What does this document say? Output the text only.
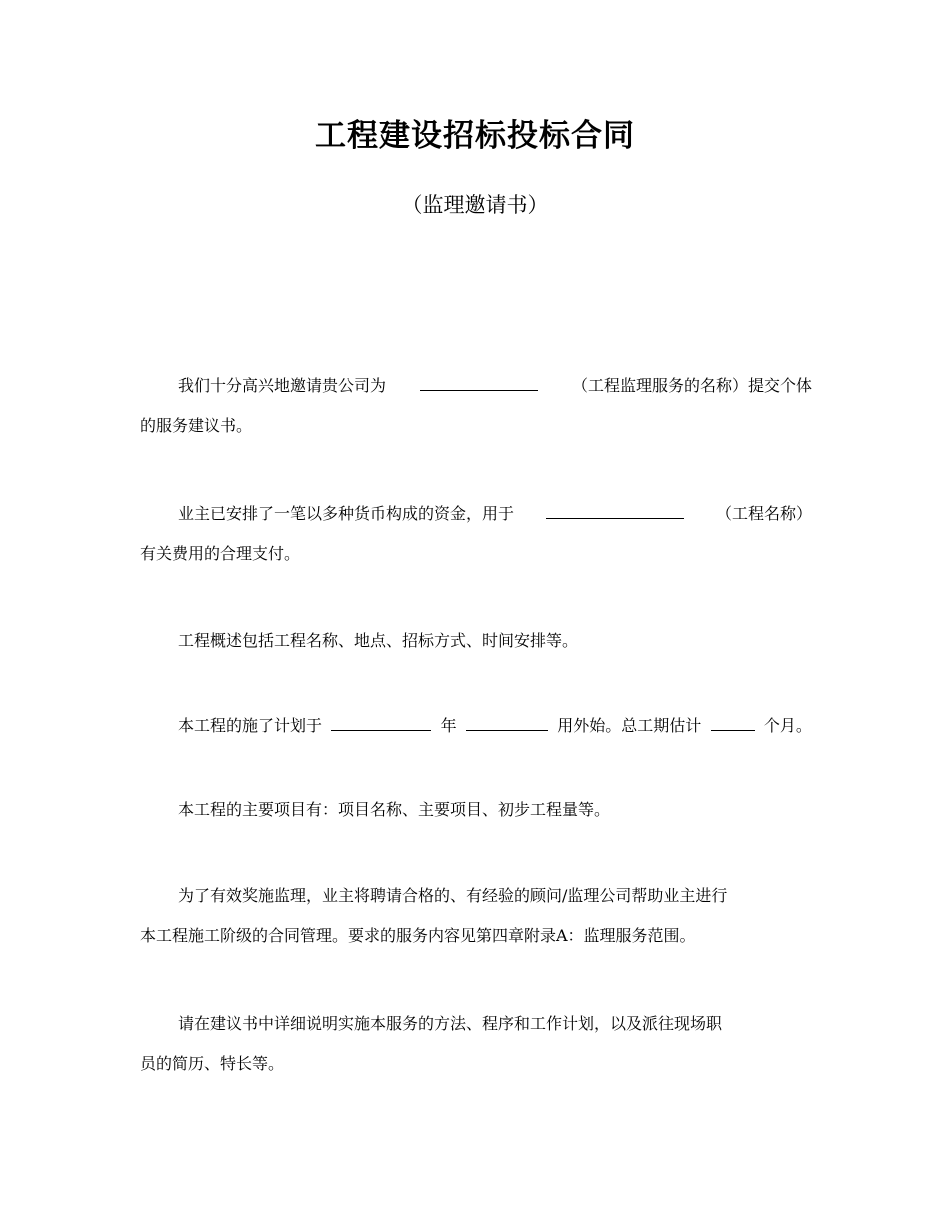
工程建设招标投标合同
（监理邀请书）
我们十分高兴地邀请贵公司为	（工程监理服务的名称）提交个体
的服务建议书。
业主已安排了一笔以多种货币构成的资金，用于	（工程名称）
有关费用的合理支付。
工程概述包括工程名称、地点、招标方式、时间安排等。
本工程的施了计划于	年	用外始。总工期估计	个月。
本工程的主要项目有：项目名称、主要项目、初步工程量等。
为了有效奖施监理，业主将聘请合格的、有经验的顾问/监理公司帮助业主进行
本工程施工阶级的合同管理。要求的服务内容见第四章附录A：监理服务范围。
请在建议书中详细说明实施本服务的方法、程序和工作计划，以及派往现场职
员的简历、特长等。
